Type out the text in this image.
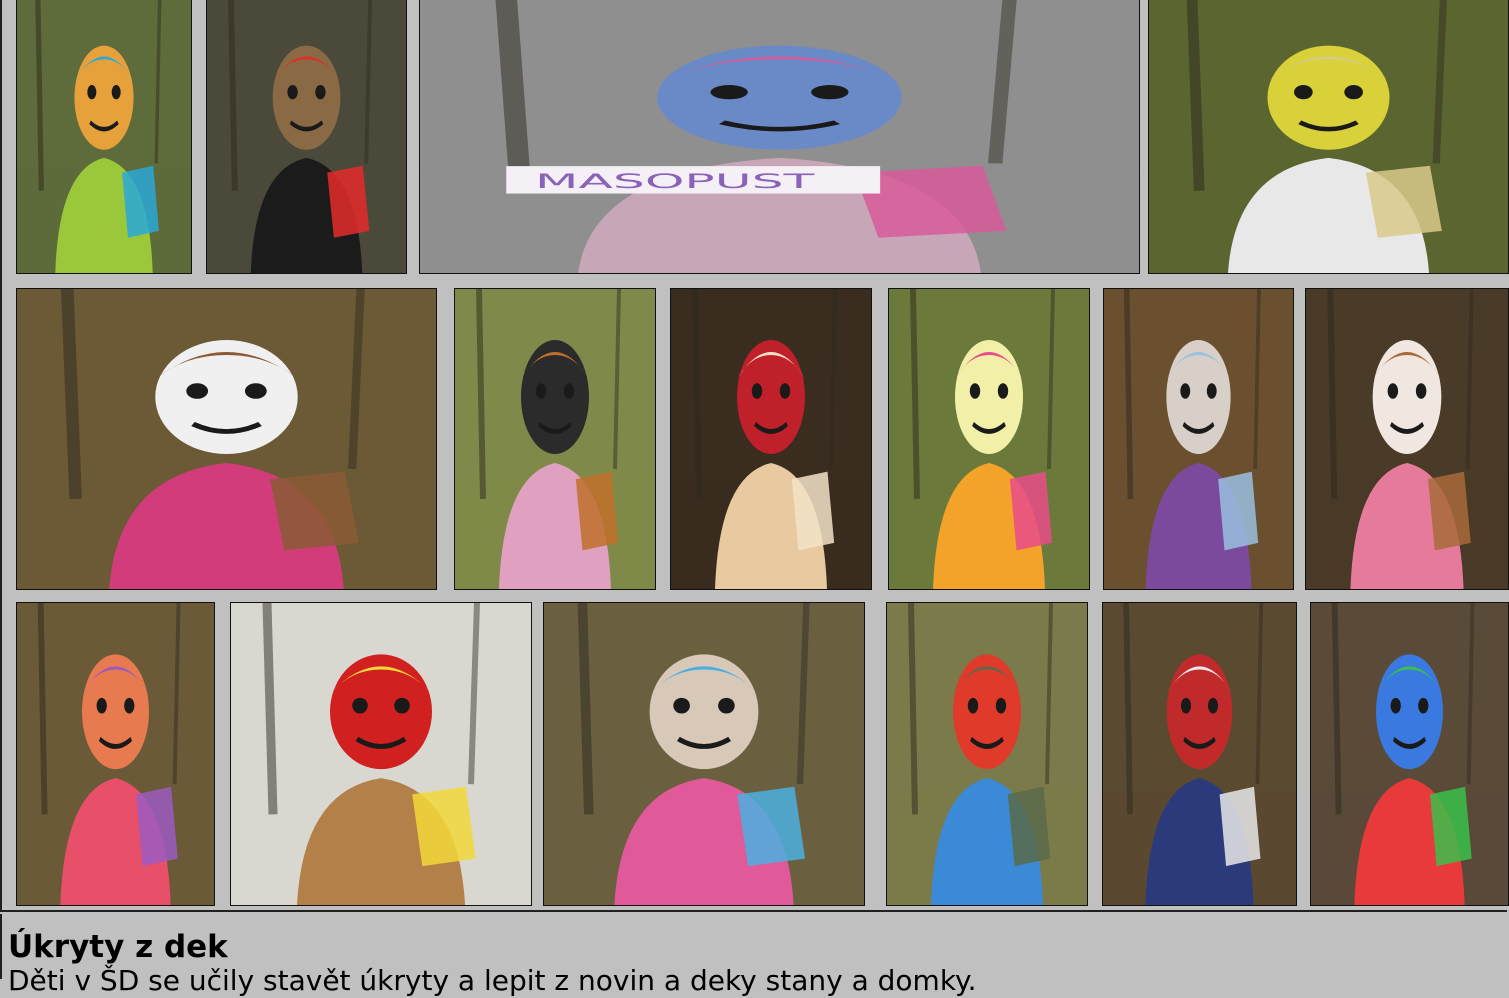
MASOPUST
Úkryty z dek

Děti v ŠD se učily stavět úkryty a lepit z novin a deky stany a domky.
